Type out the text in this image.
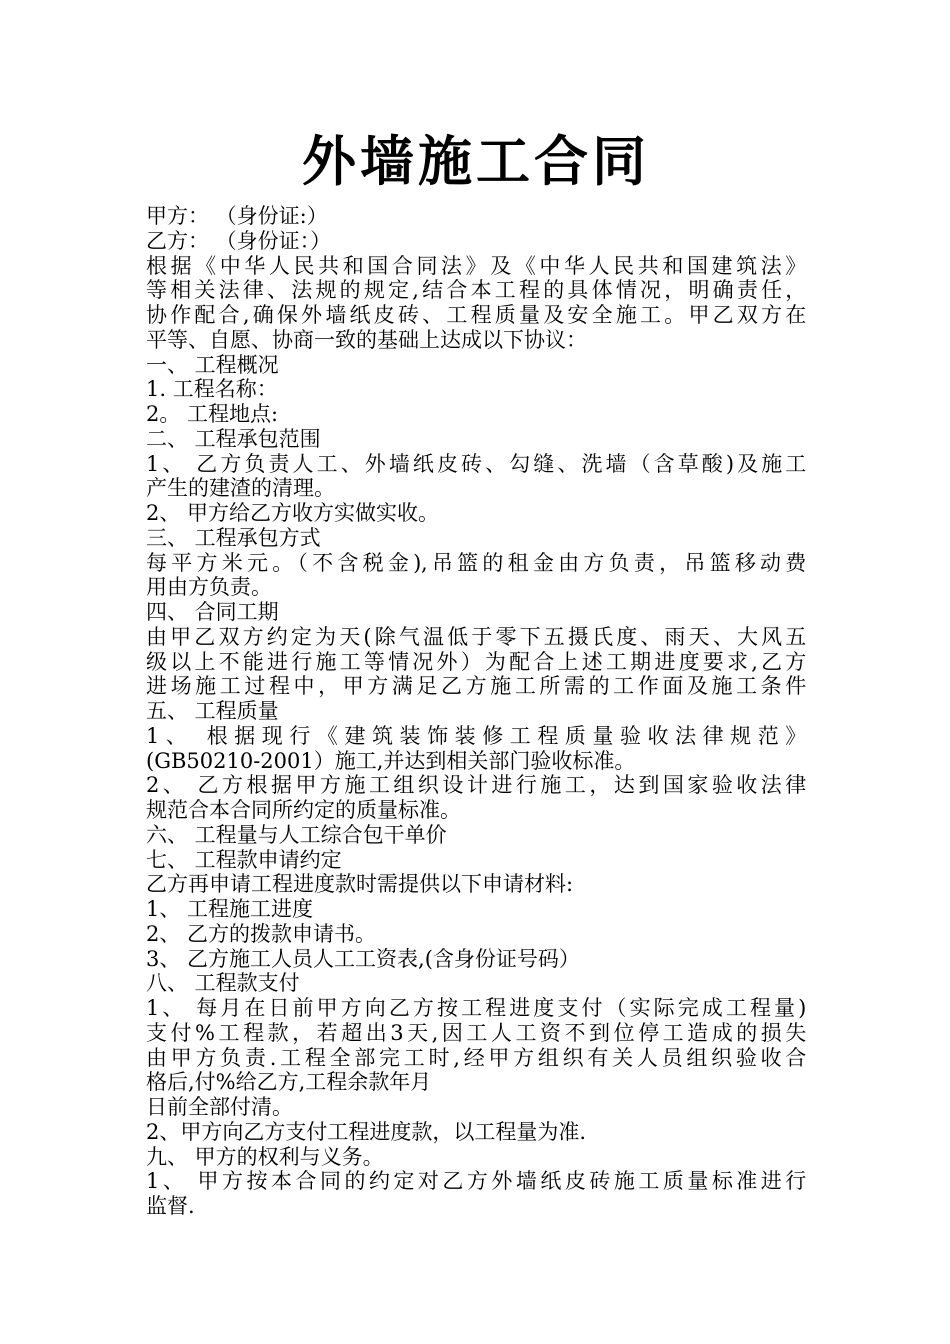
外墙施工合同
甲方： （身份证:）
乙方： （身份证：）
根据《中华人民共和国合同法》及《中华人民共和国建筑法》
等相关法律、法规的规定,结合本工程的具体情况，明确责任，
协作配合,确保外墙纸皮砖、工程质量及安全施工。甲乙双方在
平等、自愿、协商一致的基础上达成以下协议：
一、 工程概况
1. 工程名称：
2。 工程地点:
二、 工程承包范围
1、 乙方负责人工、外墙纸皮砖、勾缝、洗墙（含草酸)及施工
产生的建渣的清理。
2、 甲方给乙方收方实做实收。
三、 工程承包方式
每平方米元。（不含税金),吊篮的租金由方负责，吊篮移动费
用由方负责。
四、 合同工期
由甲乙双方约定为天(除气温低于零下五摄氏度、雨天、大风五
级以上不能进行施工等情况外）为配合上述工期进度要求,乙方
进场施工过程中，甲方满足乙方施工所需的工作面及施工条件
五、 工程质量
1、 根据现行《建筑装饰装修工程质量验收法律规范》
(GB50210-2001）施工,并达到相关部门验收标准。
2、 乙方根据甲方施工组织设计进行施工，达到国家验收法律
规范合本合同所约定的质量标准。
六、 工程量与人工综合包干单价
七、 工程款申请约定
乙方再申请工程进度款时需提供以下申请材料:
1、 工程施工进度
2、 乙方的拨款申请书。
3、 乙方施工人员人工工资表,(含身份证号码）
八、 工程款支付
1、 每月在日前甲方向乙方按工程进度支付（实际完成工程量)
支付%工程款，若超出3天,因工人工资不到位停工造成的损失
由甲方负责.工程全部完工时,经甲方组织有关人员组织验收合
格后,付%给乙方,工程余款年月
日前全部付清。
2、甲方向乙方支付工程进度款，以工程量为准.
九、 甲方的权利与义务。
1、 甲方按本合同的约定对乙方外墙纸皮砖施工质量标准进行
监督.
